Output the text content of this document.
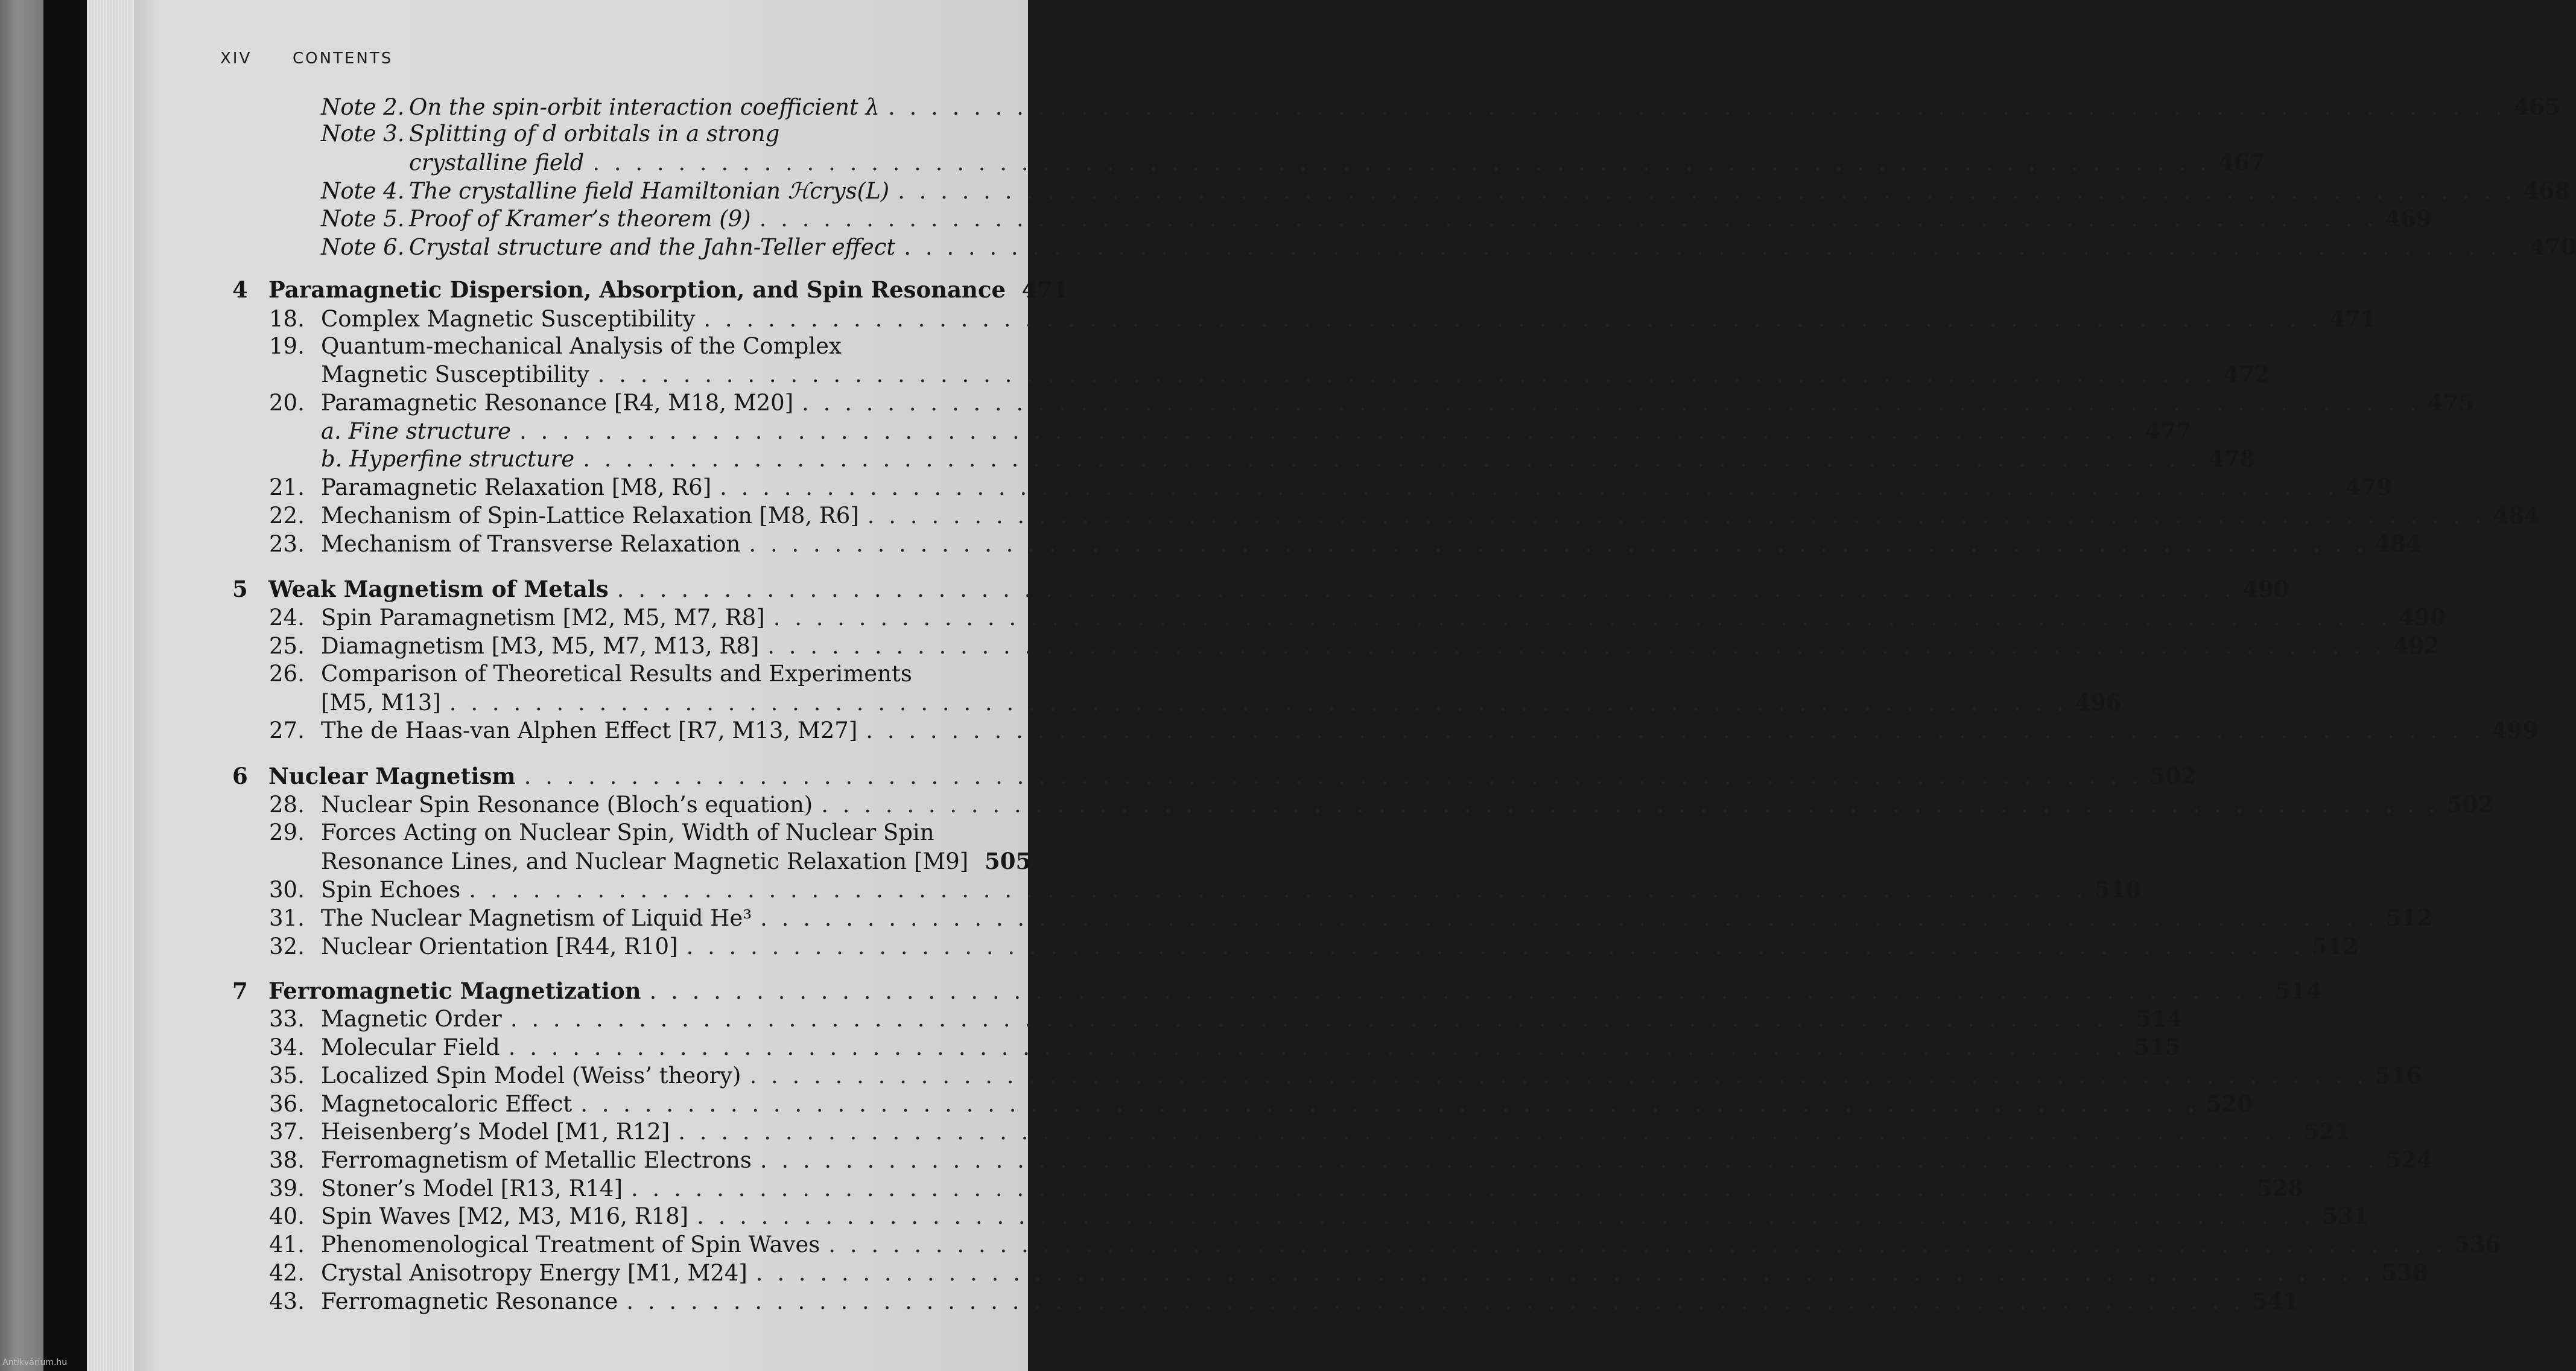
XIV	CONTENTS
Note 2. On the spin-orbit interaction coefficient λ . . .	465
Note 3. Splitting of d orbitals in a strong
crystalline field . . .	467
Note 4. The crystalline field Hamiltonian ℋcrys(L) . . .	468
Note 5. Proof of Kramer’s theorem (9) . . .	469
Note 6. Crystal structure and the Jahn-Teller effect . . .	470
4 Paramagnetic Dispersion, Absorption, and Spin Resonance 471
18. Complex Magnetic Susceptibility . . .	471
19. Quantum-mechanical Analysis of the Complex
Magnetic Susceptibility . . .	472
20. Paramagnetic Resonance [R4, M18, M20] . . .	475
a. Fine structure . . .	477
b. Hyperfine structure . . .	478
21. Paramagnetic Relaxation [M8, R6] . . .	479
22. Mechanism of Spin-Lattice Relaxation [M8, R6] . . .	484
23. Mechanism of Transverse Relaxation . . .	484
5 Weak Magnetism of Metals . . .	490
24. Spin Paramagnetism [M2, M5, M7, R8] . . .	490
25. Diamagnetism [M3, M5, M7, M13, R8] . . .	492
26. Comparison of Theoretical Results and Experiments
[M5, M13] . . .	496
27. The de Haas-van Alphen Effect [R7, M13, M27] . . .	499
6 Nuclear Magnetism . . .	502
28. Nuclear Spin Resonance (Bloch’s equation) . . .	502
29. Forces Acting on Nuclear Spin, Width of Nuclear Spin
Resonance Lines, and Nuclear Magnetic Relaxation [M9] 505
30. Spin Echoes . . .	510
31. The Nuclear Magnetism of Liquid He³ . . .	512
32. Nuclear Orientation [R44, R10] . . .	512
7 Ferromagnetic Magnetization . . .	514
33. Magnetic Order . . .	514
34. Molecular Field . . .	515
35. Localized Spin Model (Weiss’ theory) . . .	516
36. Magnetocaloric Effect . . .	520
37. Heisenberg’s Model [M1, R12] . . .	521
38. Ferromagnetism of Metallic Electrons . . .	524
39. Stoner’s Model [R13, R14] . . .	528
40. Spin Waves [M2, M3, M16, R18] . . .	531
41. Phenomenological Treatment of Spin Waves . . .	536
42. Crystal Anisotropy Energy [M1, M24] . . .	538
43. Ferromagnetic Resonance . . .	541
Antikvárium.hu
